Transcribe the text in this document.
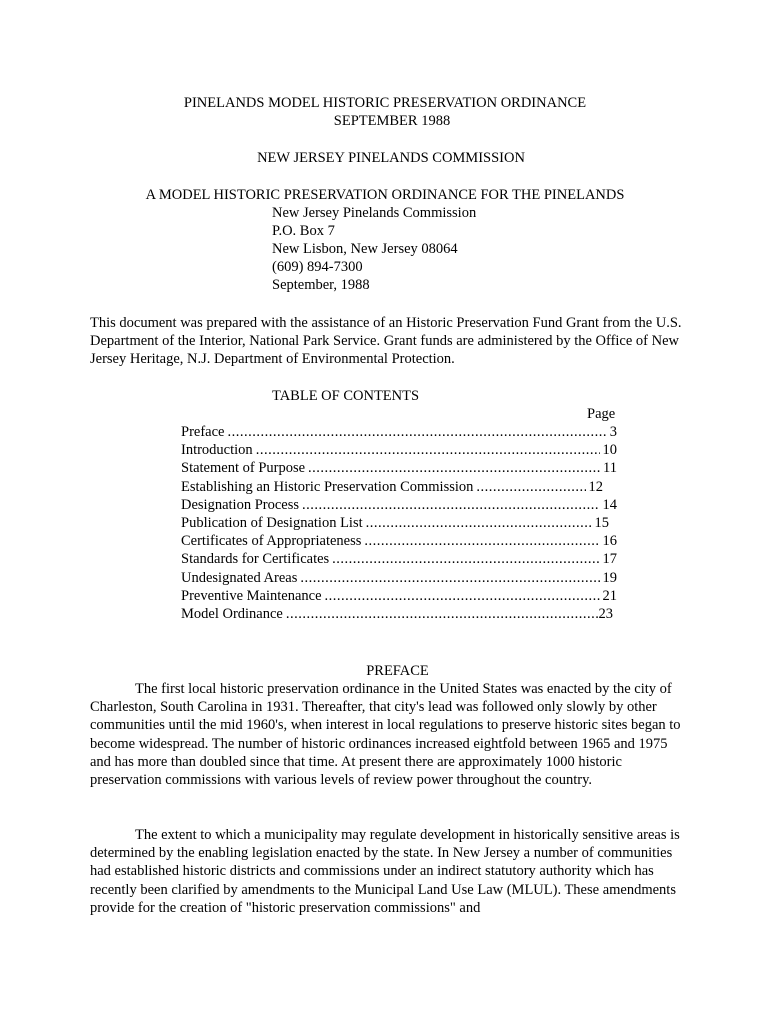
PINELANDS MODEL HISTORIC PRESERVATION ORDINANCE
SEPTEMBER 1988
NEW JERSEY PINELANDS COMMISSION
A MODEL HISTORIC PRESERVATION ORDINANCE FOR THE PINELANDS
New Jersey Pinelands Commission
P.O. Box 7
New Lisbon, New Jersey 08064
(609) 894-7300
September, 1988
This document was prepared with the assistance of an Historic Preservation Fund Grant from the U.S. Department of the Interior, National Park Service. Grant funds are administered by the Office of New Jersey Heritage, N.J. Department of Environmental Protection.
TABLE OF CONTENTS
Page
Preface .....	3
Introduction .....	10
Statement of Purpose .....	11
Establishing an Historic Preservation Commission .....	12
Designation Process .....	14
Publication of Designation List .....	15
Certificates of Appropriateness .....	16
Standards for Certificates .....	17
Undesignated Areas .....	19
Preventive Maintenance .....	21
Model Ordinance .....	23
PREFACE
The first local historic preservation ordinance in the United States was enacted by the city of Charleston, South Carolina in 1931. Thereafter, that city's lead was followed only slowly by other communities until the mid 1960's, when interest in local regulations to preserve historic sites began to become widespread. The number of historic ordinances increased eightfold between 1965 and 1975 and has more than doubled since that time. At present there are approximately 1000 historic preservation commissions with various levels of review power throughout the country.
The extent to which a municipality may regulate development in historically sensitive areas is determined by the enabling legislation enacted by the state. In New Jersey a number of communities had established historic districts and commissions under an indirect statutory authority which has recently been clarified by amendments to the Municipal Land Use Law (MLUL). These amendments provide for the creation of "historic preservation commissions" and
